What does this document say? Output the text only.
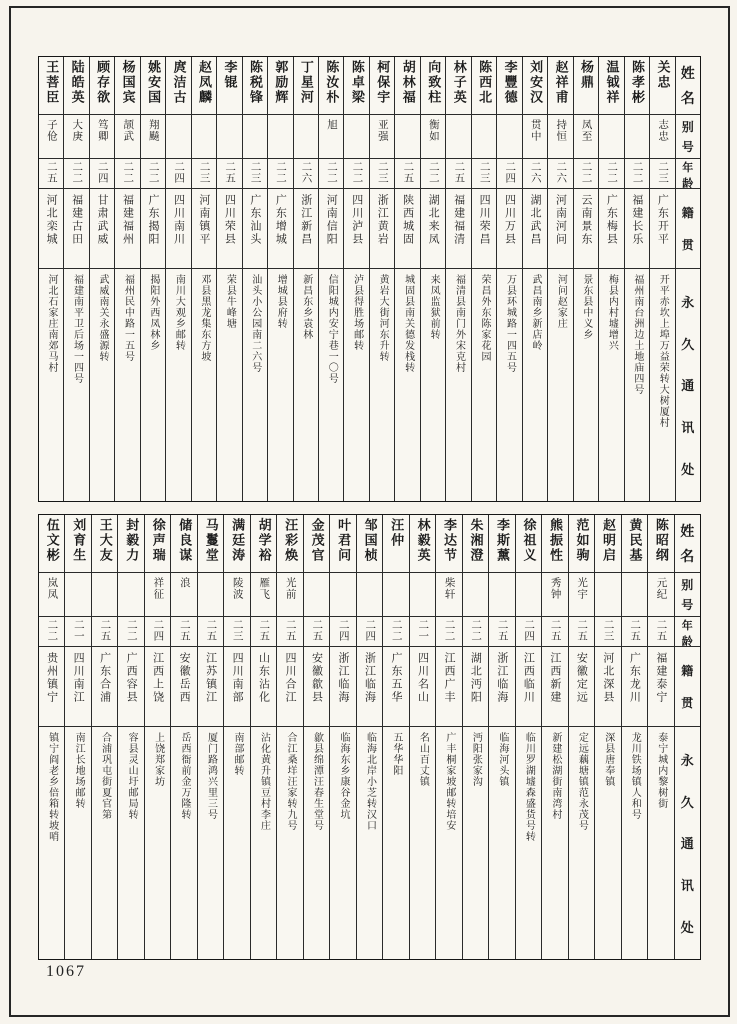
姓
名
别
号
年
龄
籍
贯
永
久
通
讯
处
关忠
志忠
二三
广东开平
开平赤坎上埠万益荣转大树厦村
陈孝彬
二二
福建长乐
福州南台洲边土地庙四号
温钺祥
二二
广东梅县
梅县内村墟增兴
杨鼎
凤至
二二
云南景东
景东县中义乡
赵祥甫
持恒
二六
河南河问
河问赵家庄
刘安汉
贯中
二六
湖北武昌
武昌南乡新店岭
李豐德
二四
四川万县
万县环城路一四五号
陈西北
二三
四川荣昌
荣昌外东陈家花园
林子英
二五
福建福清
福清县南门外宋克村
向致柱
衡如
二二
湖北来凤
来凤监狱前转
胡林福
二五
陕西城固
城固县南关德发栈转
柯保宇
亚强
二三
浙江黄岩
黄岩大街河东升转
陈卓梁
二二
四川泸县
泸县得胜场邮转
陈汝朴
旭
二二
河南信阳
信阳城内安宁巷一〇号
丁星河
二六
浙江新昌
新昌东乡袁林
郭励辉
二二
广东增城
增城县府转
陈税锋
二三
广东汕头
汕头小公园南二六号
李锟
二五
四川荣县
荣县牛峰塘
赵凤麟
二三
河南镇平
邓县黑龙集东方坡
庹洁古
二四
四川南川
南川大观乡邮转
姚安国
翔飇
二二
广东揭阳
揭阳外西凤林乡
杨国宾
颉武
二二
福建福州
福州民中路一五号
顾存欲
笃卿
二四
甘肃武威
武威南关永盛源转
陆皓英
大庚
二二
福建古田
福建南平卫后场一四号
王菩臣
子伧
二五
河北栾城
河北石家庄南郊马村
姓
名
别
号
年
龄
籍
贯
永
久
通
讯
处
陈昭纲
元纪
二五
福建泰宁
泰宁城内黎树街
黄民基
二五
广东龙川
龙川铁场镇人和号
赵明启
二三
河北深县
深县唐奉镇
范如驹
光宇
二五
安徽定远
定远藕塘镇范永茂号
熊振性
秀钟
二五
江西新建
新建松湖街南湾村
徐祖义
二四
江西临川
临川罗湖墟森盛货号转
李斯薰
二五
浙江临海
临海河头镇
朱湘澄
二二
湖北沔阳
沔阳张家沟
李达节
柴轩
二二
江西广丰
广丰桐家坡邮转培安
林毅英
二一
四川名山
名山百丈镇
汪仲
二二
广东五华
五华华阳
邹国桢
二四
浙江临海
临海北岸小芝转汉口
叶君问
二四
浙江临海
临海东乡康谷金坑
金茂官
二五
安徽歙县
歙县绵潭汪春生堂号
汪彩焕
光前
二五
四川合江
合江桑垟汪家转九号
胡学裕
雁飞
二五
山东沾化
沾化黄升镇豆村李庄
满廷涛
陵波
二三
四川南部
南部邮转
马鬘堂
二五
江苏镇江
厦门路鸿兴里三号
储良谋
浪
二五
安徽岳西
岳西衙前金万隆转
徐声瑞
祥征
二四
江西上饶
上饶郑家坊
封毅力
二二
广西容县
容县灵山圩邮局转
王大友
二五
广东合浦
合浦巩屯街夏官第
刘育生
二一
四川南江
南江长地场邮转
伍文彬
岚凤
二二
贵州镇宁
镇宁阎老乡倍箱转坡哨
1067
